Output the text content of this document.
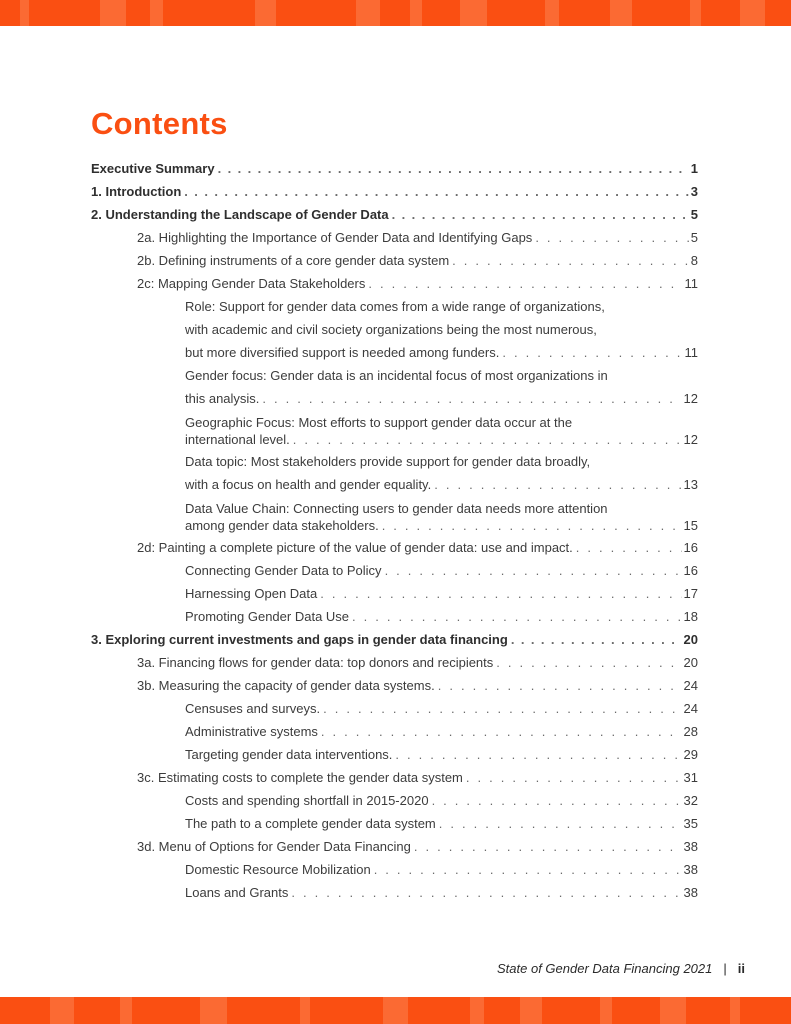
Contents
Executive Summary . . .	1
1. Introduction . . .	3
2. Understanding the Landscape of Gender Data . . .	5
2a. Highlighting the Importance of Gender Data and Identifying Gaps . . .	5
2b. Defining instruments of a core gender data system . . .	8
2c: Mapping Gender Data Stakeholders . . .	11
Role: Support for gender data comes from a wide range of organizations,
with academic and civil society organizations being the most numerous,
but more diversified support is needed among funders. . . .	11
Gender focus: Gender data is an incidental focus of most organizations in
this analysis. . . .	12
Geographic Focus: Most efforts to support gender data occur at the
international level. . . .	12
Data topic: Most stakeholders provide support for gender data broadly,
with a focus on health and gender equality. . . .	13
Data Value Chain: Connecting users to gender data needs more attention
among gender data stakeholders. . . .	15
2d: Painting a complete picture of the value of gender data: use and impact. . . .	16
Connecting Gender Data to Policy . . .	16
Harnessing Open Data . . .	17
Promoting Gender Data Use . . .	18
3. Exploring current investments and gaps in gender data financing . . .	20
3a. Financing flows for gender data: top donors and recipients . . .	20
3b. Measuring the capacity of gender data systems. . . .	24
Censuses and surveys. . . .	24
Administrative systems . . .	28
Targeting gender data interventions. . . .	29
3c. Estimating costs to complete the gender data system . . .	31
Costs and spending shortfall in 2015-2020 . . .	32
The path to a complete gender data system . . .	35
3d. Menu of Options for Gender Data Financing . . .	38
Domestic Resource Mobilization . . .	38
Loans and Grants . . .	38
State of Gender Data Financing 2021 | ii
